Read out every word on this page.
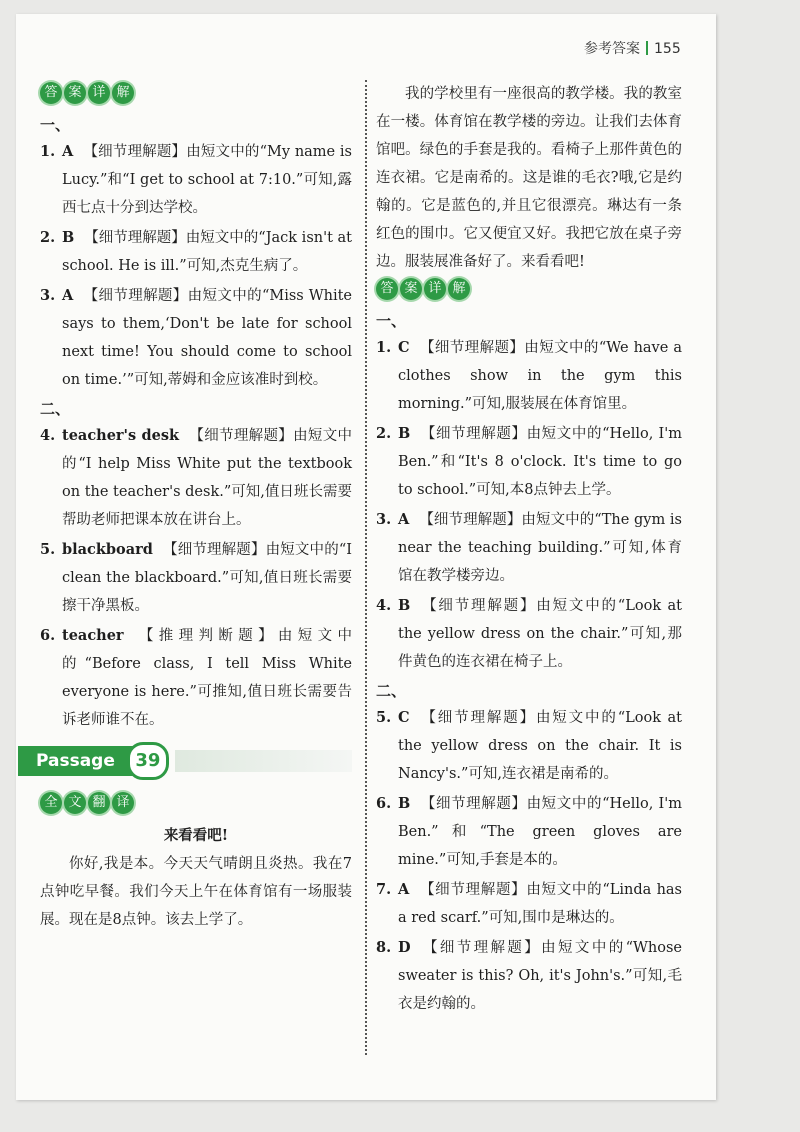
参考答案 155
答 案 详 解
一、
1. A 【细节理解题】由短文中的“My name is Lucy.”和“I get to school at 7:10.”可知,露西七点十分到达学校。
2. B 【细节理解题】由短文中的“Jack isn't at school. He is ill.”可知,杰克生病了。
3. A 【细节理解题】由短文中的“Miss White says to them,‘Don't be late for school next time! You should come to school on time.’”可知,蒂姆和金应该准时到校。
二、
4. teacher's desk 【细节理解题】由短文中的“I help Miss White put the textbook on the teacher's desk.”可知,值日班长需要帮助老师把课本放在讲台上。
5. blackboard 【细节理解题】由短文中的“I clean the blackboard.”可知,值日班长需要擦干净黑板。
6. teacher 【推理判断题】由短文中的“Before class, I tell Miss White everyone is here.”可推知,值日班长需要告诉老师谁不在。
Passage	39
全 文 翻 译
来看看吧!

你好,我是本。今天天气晴朗且炎热。我在7点钟吃早餐。我们今天上午在体育馆有一场服装展。现在是8点钟。该去上学了。

我的学校里有一座很高的教学楼。我的教室在一楼。体育馆在教学楼的旁边。让我们去体育馆吧。绿色的手套是我的。看椅子上那件黄色的连衣裙。它是南希的。这是谁的毛衣?哦,它是约翰的。它是蓝色的,并且它很漂亮。琳达有一条红色的围巾。它又便宜又好。我把它放在桌子旁边。服装展准备好了。来看看吧!

答 案 详 解
一、
1. C 【细节理解题】由短文中的“We have a clothes show in the gym this morning.”可知,服装展在体育馆里。
2. B 【细节理解题】由短文中的“Hello, I'm Ben.”和“It's 8 o'clock. It's time to go to school.”可知,本8点钟去上学。
3. A 【细节理解题】由短文中的“The gym is near the teaching building.”可知,体育馆在教学楼旁边。
4. B 【细节理解题】由短文中的“Look at the yellow dress on the chair.”可知,那件黄色的连衣裙在椅子上。
二、
5. C 【细节理解题】由短文中的“Look at the yellow dress on the chair. It is Nancy's.”可知,连衣裙是南希的。
6. B 【细节理解题】由短文中的“Hello, I'm Ben.”和“The green gloves are mine.”可知,手套是本的。
7. A 【细节理解题】由短文中的“Linda has a red scarf.”可知,围巾是琳达的。
8. D 【细节理解题】由短文中的“Whose sweater is this? Oh, it's John's.”可知,毛衣是约翰的。
